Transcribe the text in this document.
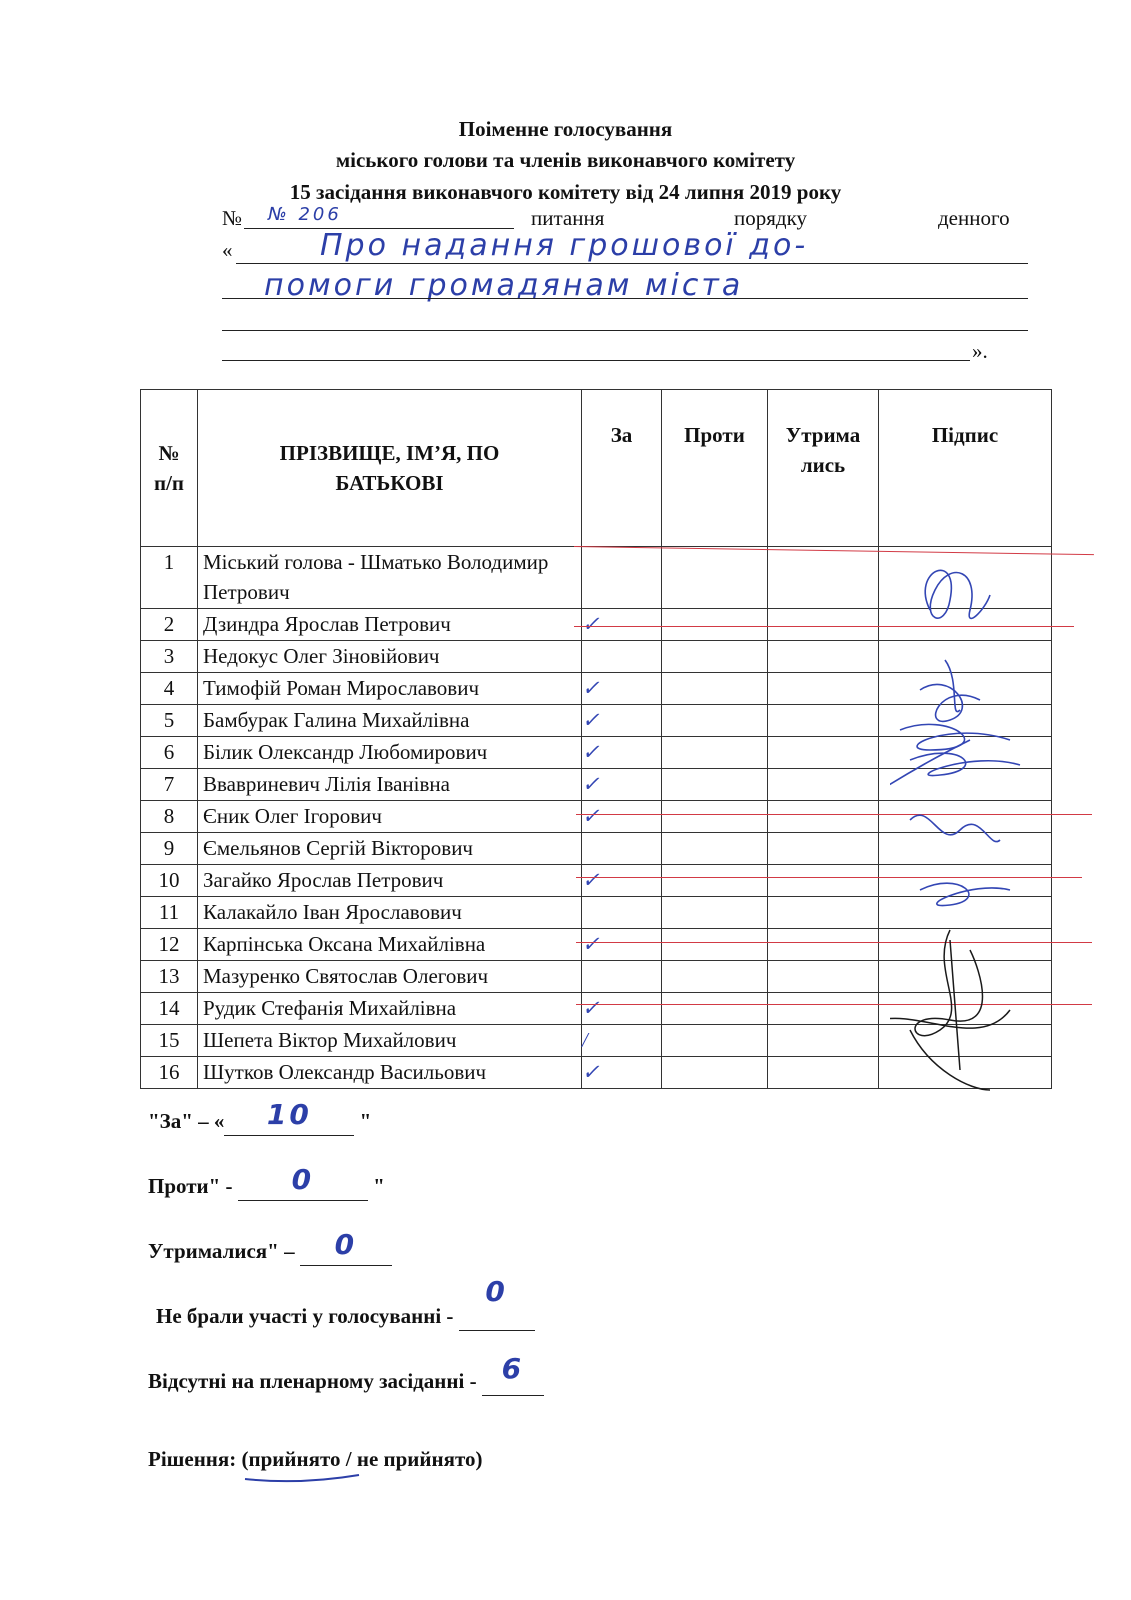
Поіменне голосування
міського голови та членів виконавчого комітету
15 засідання виконавчого комітету від 24 липня 2019 року
№ № 206	питання	порядку	денного
«	Про надання грошової до-
помоги громадянам міста
».
№ п/п	ПРІЗВИЩЕ, ІМ’Я, ПО БАТЬКОВІ	За	Проти	Утрима лись	Підпис
1	Міський голова - Шматько Володимир Петрович				
2	Дзиндра Ярослав Петрович	✓			
3	Недокус Олег Зіновійович				
4	Тимофій Роман Мирославович	✓			
5	Бамбурак Галина Михайлівна	✓			
6	Білик Олександр Любомирович	✓			
7	Ввавриневич Лілія Іванівна	✓			
8	Єник Олег Ігорович	✓			
9	Ємельянов Сергій Вікторович				
10	Загайко Ярослав Петрович	✓			
11	Калакайло Іван Ярославович				
12	Карпінська Оксана Михайлівна	✓			
13	Мазуренко Святослав Олегович				
14	Рудик Стефанія Михайлівна	✓			
15	Шепета Віктор Михайлович	/			
16	Шутков Олександр Васильович	✓			
"За" – « 10 "
Проти" - 0	"
Утрималися" – 0
Не брали участі у голосуванні - 0
Відсутні на пленарному засіданні - 6
Рішення: (прийнято
/ не прийнято)
